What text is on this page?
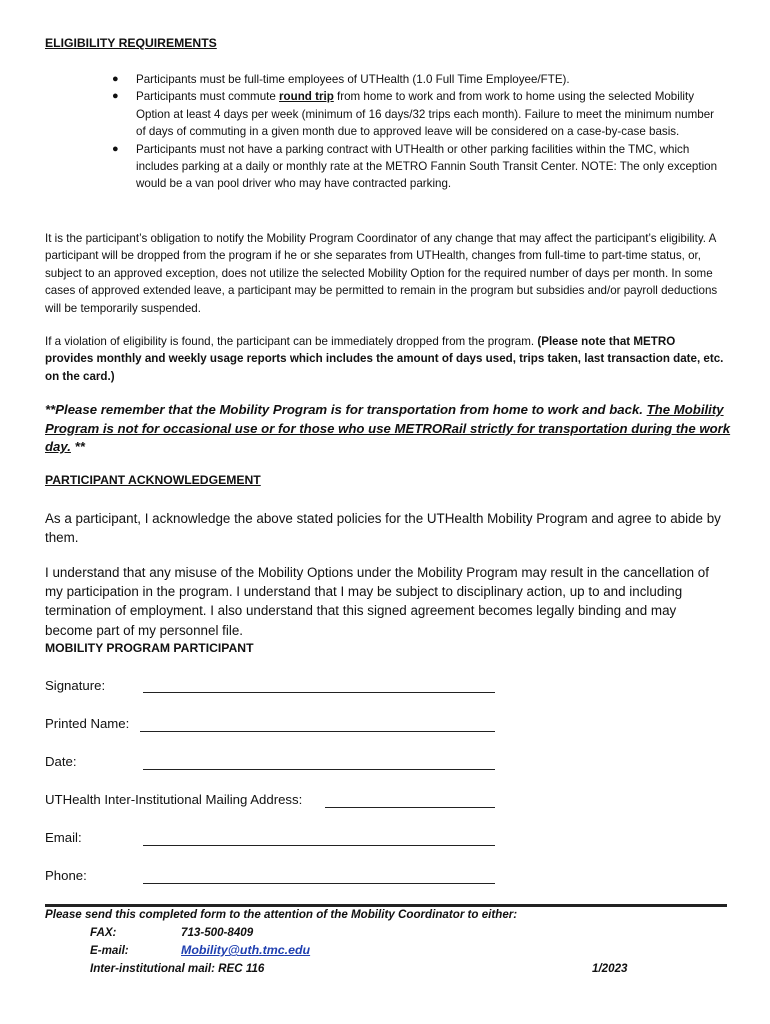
ELIGIBILITY REQUIREMENTS
● Participants must be full-time employees of UTHealth (1.0 Full Time Employee/FTE).
● Participants must commute round trip from home to work and from work to home using the selected Mobility Option at least 4 days per week (minimum of 16 days/32 trips each month). Failure to meet the minimum number of days of commuting in a given month due to approved leave will be considered on a case-by-case basis.
● Participants must not have a parking contract with UTHealth or other parking facilities within the TMC, which includes parking at a daily or monthly rate at the METRO Fannin South Transit Center. NOTE: The only exception would be a van pool driver who may have contracted parking.

It is the participant’s obligation to notify the Mobility Program Coordinator of any change that may affect the participant’s eligibility. A participant will be dropped from the program if he or she separates from UTHealth, changes from full-time to part-time status, or, subject to an approved exception, does not utilize the selected Mobility Option for the required number of days per month. In some cases of approved extended leave, a participant may be permitted to remain in the program but subsidies and/or payroll deductions will be temporarily suspended.

If a violation of eligibility is found, the participant can be immediately dropped from the program. (Please note that METRO provides monthly and weekly usage reports which includes the amount of days used, trips taken, last transaction date, etc. on the card.)

**Please remember that the Mobility Program is for transportation from home to work and back. The Mobility Program is not for occasional use or for those who use METRORail strictly for transportation during the work day. **

PARTICIPANT ACKNOWLEDGEMENT

As a participant, I acknowledge the above stated policies for the UTHealth Mobility Program and agree to abide by them.

I understand that any misuse of the Mobility Options under the Mobility Program may result in the cancellation of my participation in the program. I understand that I may be subject to disciplinary action, up to and including termination of employment. I also understand that this signed agreement becomes legally binding and may become part of my personnel file.

MOBILITY PROGRAM PARTICIPANT
Signature:
Printed Name:
Date:
UTHealth Inter-Institutional Mailing Address:
Email:
Phone:
Please send this completed form to the attention of the Mobility Coordinator to either:
FAX:	713-500-8409
E-mail:	Mobility@uth.tmc.edu
Inter-institutional mail: REC 116	1/2023
